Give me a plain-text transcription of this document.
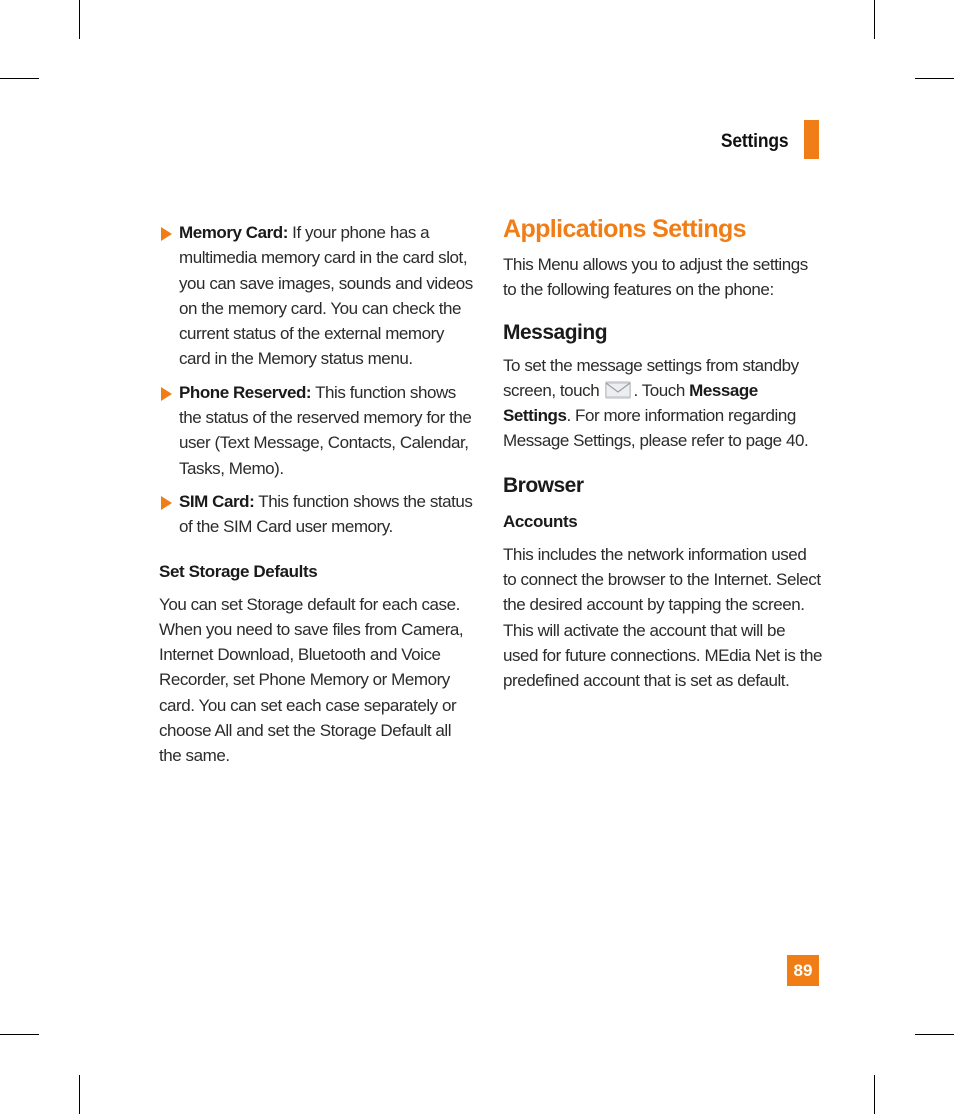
Settings
Memory Card: If your phone has a multimedia memory card in the card slot, you can save images, sounds and videos on the memory card. You can check the current status of the external memory card in the Memory status menu.
Phone Reserved: This function shows the status of the reserved memory for the user (Text Message, Contacts, Calendar, Tasks, Memo).
SIM Card: This function shows the status of the SIM Card user memory.
Set Storage Defaults

You can set Storage default for each case. When you need to save files from Camera, Internet Download, Bluetooth and Voice Recorder, set Phone Memory or Memory card. You can set each case separately or choose All and set the Storage Default all the same.

Applications Settings

This Menu allows you to adjust the settings to the following features on the phone:

Messaging

To set the message settings from standby screen, touch
. Touch Message Settings. For more information regarding Message Settings, please refer to page 40.

Browser
Accounts

This includes the network information used to connect the browser to the Internet. Select the desired account by tapping the screen. This will activate the account that will be used for future connections. MEdia Net is the predefined account that is set as default.

89
